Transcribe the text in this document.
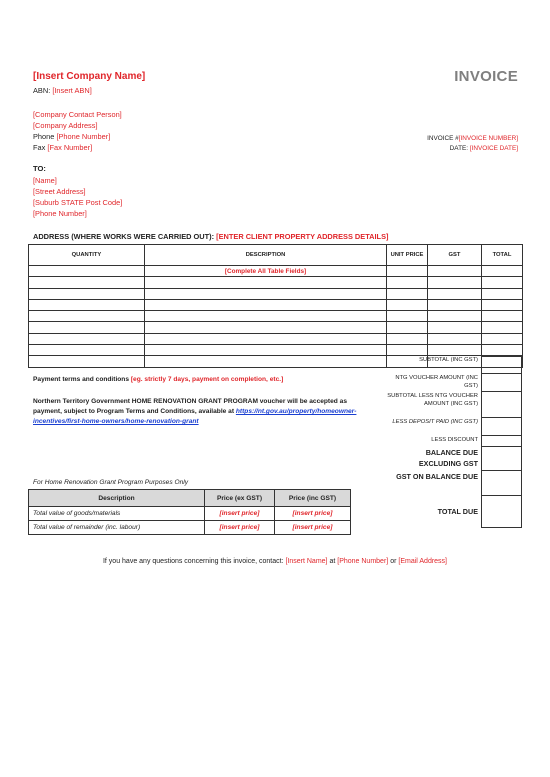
[Insert Company Name]	INVOICE
ABN: [Insert ABN]
[Company Contact Person]
[Company Address]
Phone [Phone Number]
Fax [Fax Number]
INVOICE #[INVOICE NUMBER]
DATE: [INVOICE DATE]
TO:
[Name]
[Street Address]
[Suburb STATE Post Code]
[Phone Number]
ADDRESS (WHERE WORKS WERE CARRIED OUT): [ENTER CLIENT PROPERTY ADDRESS DETAILS]
QUANTITY	DESCRIPTION	UNIT PRICE	GST	TOTAL
	[Complete All Table Fields]			

SUBTOTAL (INC GST)
NTG VOUCHER AMOUNT (INC GST)
SUBTOTAL LESS NTG VOUCHER AMOUNT (INC GST)
LESS DEPOSIT PAID (INC GST)
LESS DISCOUNT
BALANCE DUE EXCLUDING GST
GST ON BALANCE DUE
TOTAL DUE
Payment terms and conditions [eg. strictly 7 days, payment on completion, etc.]
Northern Territory Government HOME RENOVATION GRANT PROGRAM voucher will be accepted as payment, subject to Program Terms and Conditions, available at https://nt.gov.au/property/homeowner-incentives/first-home-owners/home-renovation-grant
For Home Renovation Grant Program Purposes Only
Description	Price (ex GST)	Price (inc GST)
Total value of goods/materials	[insert price]	[insert price]
Total value of remainder (inc. labour)	[insert price]	[insert price]
If you have any questions concerning this invoice, contact: [Insert Name] at [Phone Number] or [Email Address]
